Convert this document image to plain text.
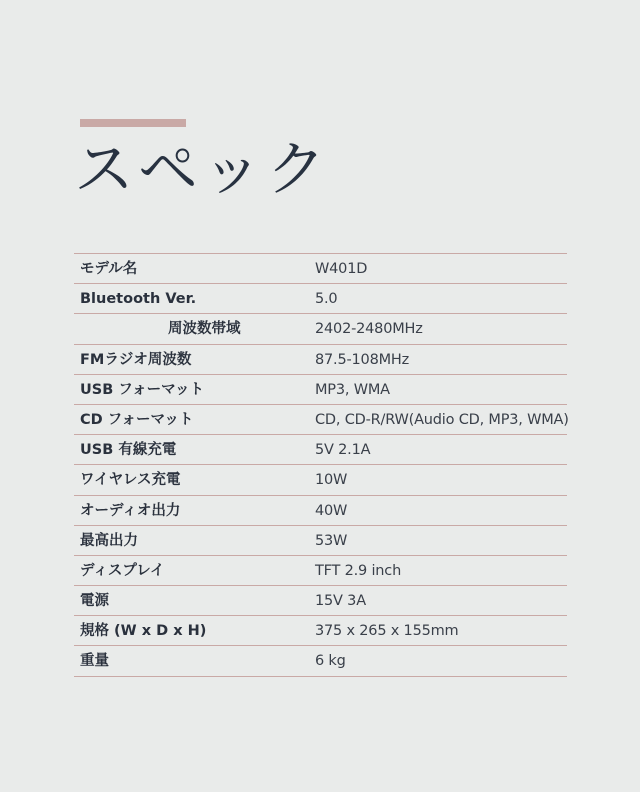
スペック
モデル名	W401D
Bluetooth Ver.	5.0
周波数帯域	2402-2480MHz
FMラジオ周波数	87.5-108MHz
USB フォーマット	MP3, WMA
CD フォーマット	CD, CD-R/RW(Audio CD, MP3, WMA)
USB 有線充電	5V 2.1A
ワイヤレス充電	10W
オーディオ出力	40W
最高出力	53W
ディスプレイ	TFT 2.9 inch
電源	15V 3A
規格 (W x D x H)	375 x 265 x 155mm
重量	6 kg
